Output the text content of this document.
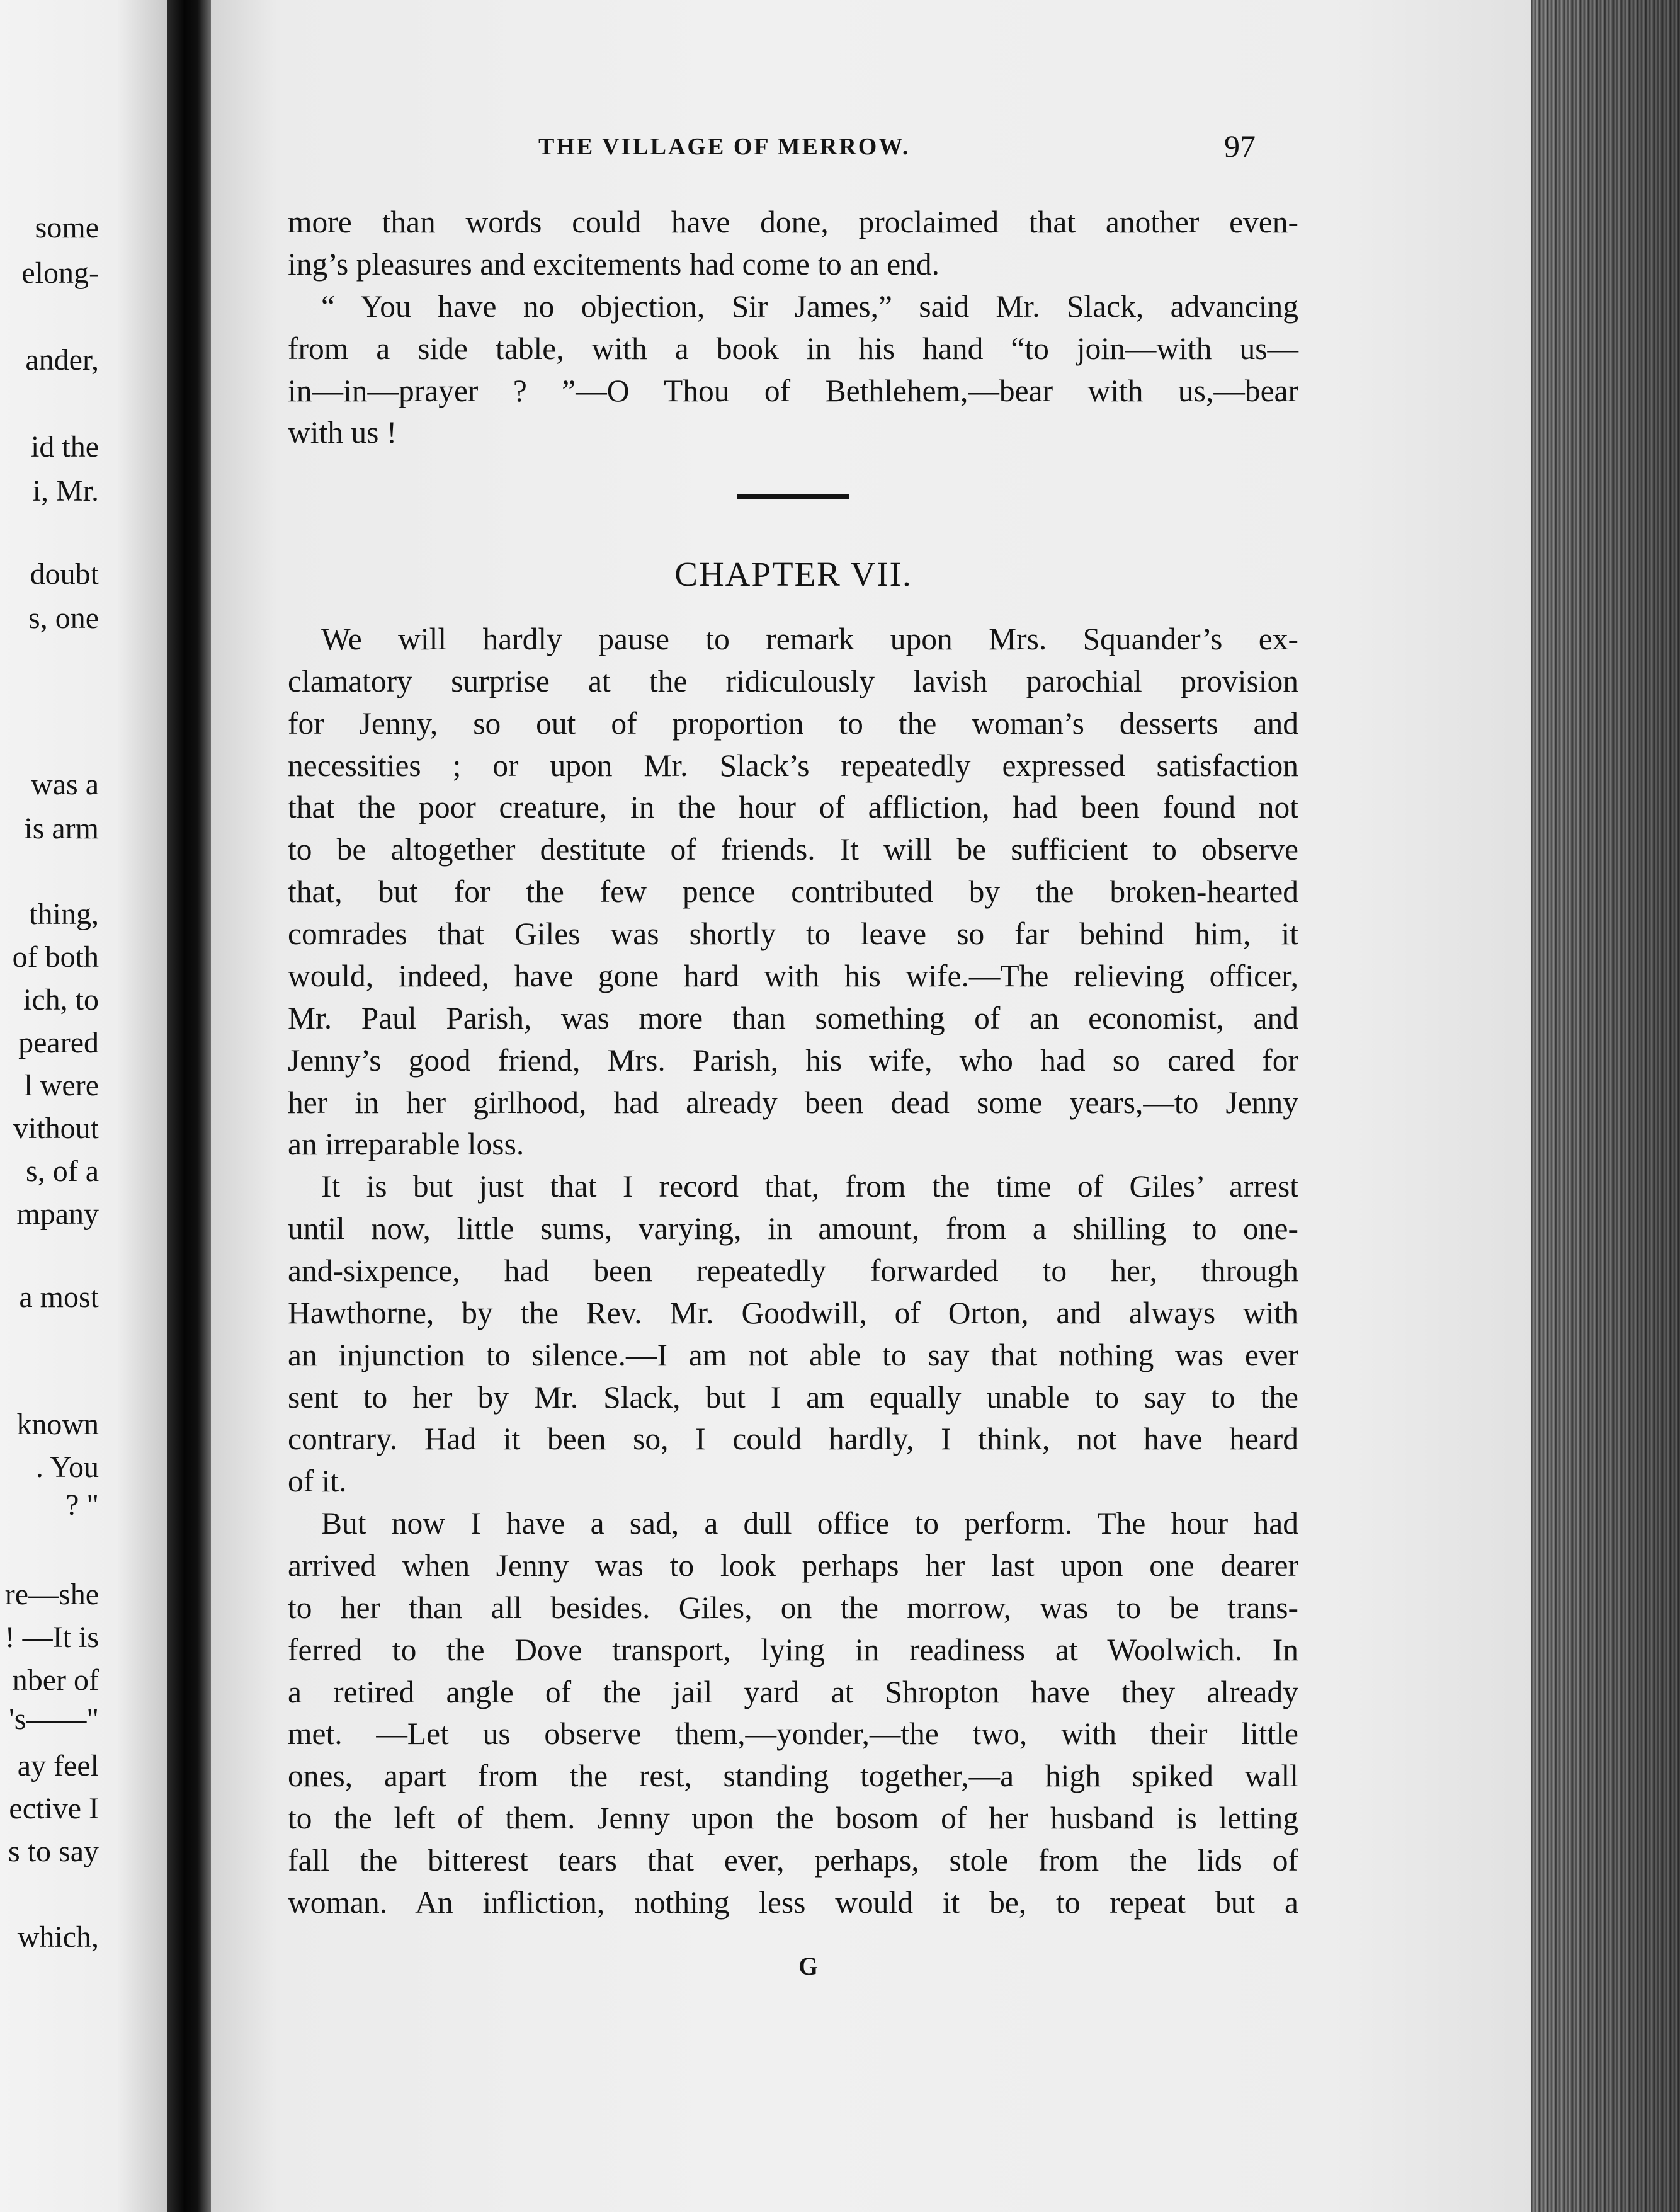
some
elong-
ander,
id the
i, Mr.
doubt
s, one
was a
is arm
thing,
of both
ich, to
peared
l were
vithout
s, of a
mpany
a most
known
. You
? "
re—she
! —It is
nber of
's——"
ay feel
ective I
s to say
which,
THE VILLAGE OF MERROW.	97
more than words could have done, proclaimed that another even-
ing’s pleasures and excitements had come to an end.
“ You have no objection, Sir James,” said Mr. Slack, advancing
from a side table, with a book in his hand “to join—with us—
in—in—prayer ? ”—O Thou of Bethlehem,—bear with us,—bear
with us !
CHAPTER VII.
We will hardly pause to remark upon Mrs. Squander’s ex-
clamatory surprise at the ridiculously lavish parochial provision
for Jenny, so out of proportion to the woman’s desserts and
necessities ; or upon Mr. Slack’s repeatedly expressed satisfaction
that the poor creature, in the hour of affliction, had been found not
to be altogether destitute of friends. It will be sufficient to observe
that, but for the few pence contributed by the broken-hearted
comrades that Giles was shortly to leave so far behind him, it
would, indeed, have gone hard with his wife.—The relieving officer,
Mr. Paul Parish, was more than something of an economist, and
Jenny’s good friend, Mrs. Parish, his wife, who had so cared for
her in her girlhood, had already been dead some years,—to Jenny
an irreparable loss.
It is but just that I record that, from the time of Giles’ arrest
until now, little sums, varying, in amount, from a shilling to one-
and-sixpence, had been repeatedly forwarded to her, through
Hawthorne, by the Rev. Mr. Goodwill, of Orton, and always with
an injunction to silence.—I am not able to say that nothing was ever
sent to her by Mr. Slack, but I am equally unable to say to the
contrary. Had it been so, I could hardly, I think, not have heard
of it.
But now I have a sad, a dull office to perform. The hour had
arrived when Jenny was to look perhaps her last upon one dearer
to her than all besides. Giles, on the morrow, was to be trans-
ferred to the Dove transport, lying in readiness at Woolwich. In
a retired angle of the jail yard at Shropton have they already
met. —Let us observe them,—yonder,—the two, with their little
ones, apart from the rest, standing together,—a high spiked wall
to the left of them. Jenny upon the bosom of her husband is letting
fall the bitterest tears that ever, perhaps, stole from the lids of
woman. An infliction, nothing less would it be, to repeat but a
G
